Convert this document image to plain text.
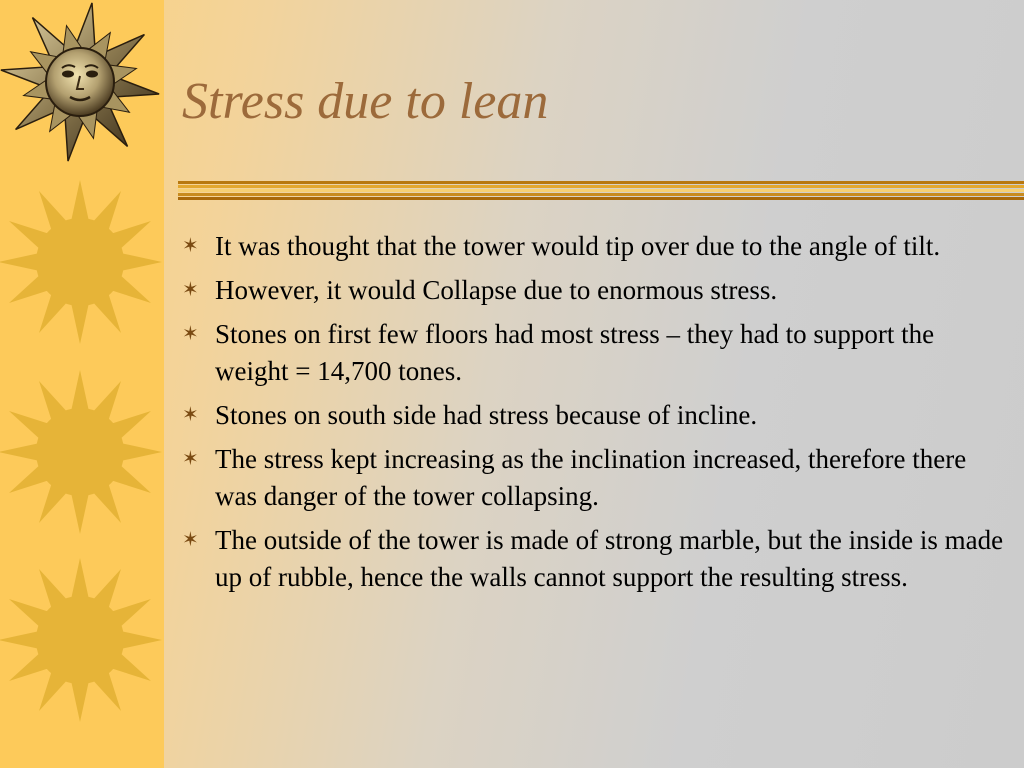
Stress due to lean
✶ It was thought that the tower would tip over due to the angle of tilt.
✶ However, it would Collapse due to enormous stress.
✶ Stones on first few floors had most stress – they had to support the weight = 14,700 tones.
✶ Stones on south side had stress because of incline.
✶ The stress kept increasing as the inclination increased, therefore there was danger of the tower collapsing.
✶ The outside of the tower is made of strong marble, but the inside is made up of rubble, hence the walls cannot support the resulting stress.
